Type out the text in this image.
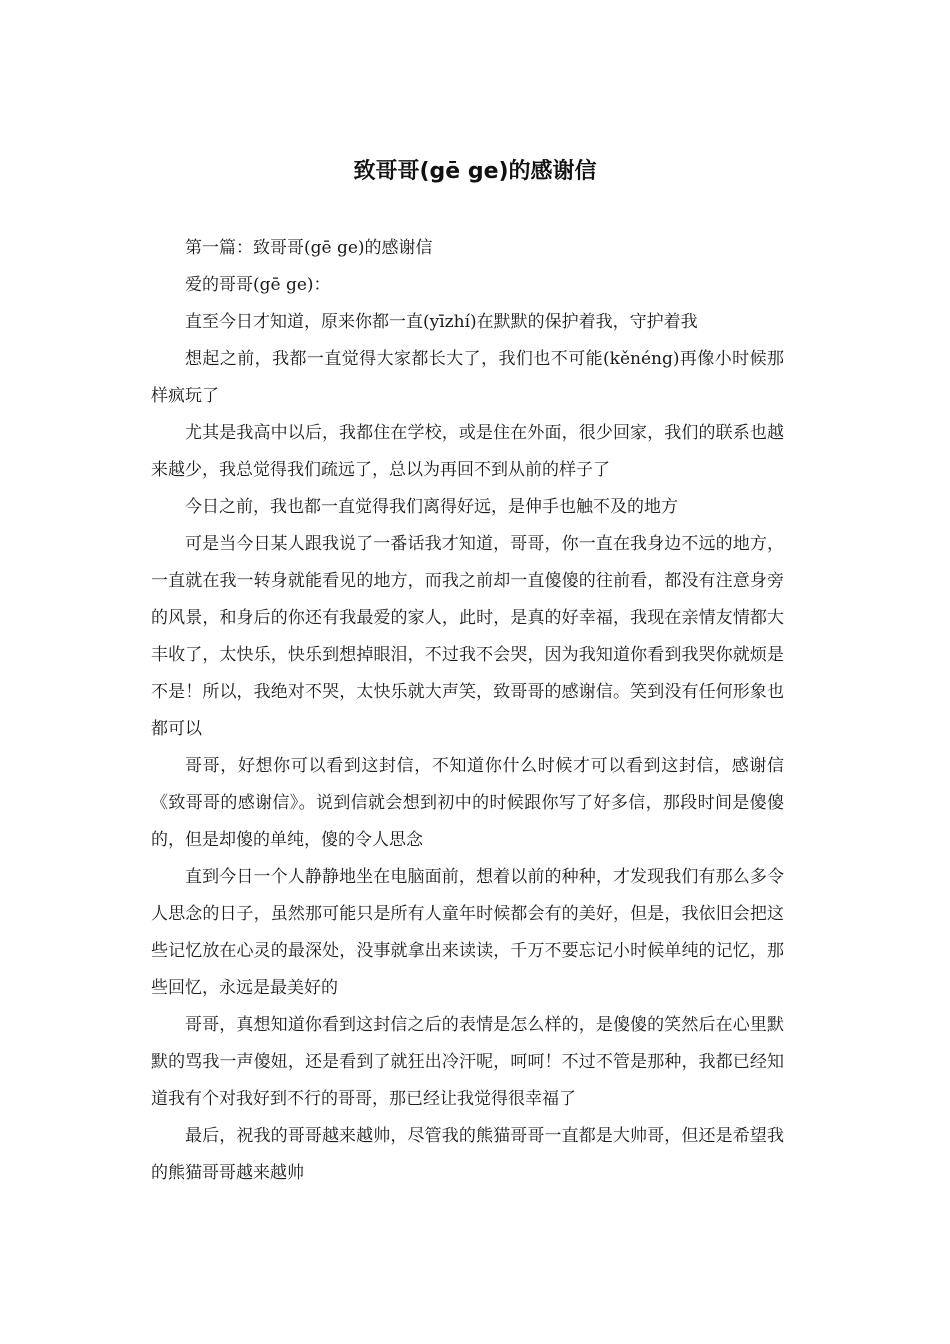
致哥哥(gē ge)的感谢信

第一篇：致哥哥(gē ge)的感谢信

爱的哥哥(gē ge)：

直至今日才知道，原来你都一直(yīzhí)在默默的保护着我，守护着我

想起之前，我都一直觉得大家都长大了，我们也不可能(kěnéng)再像小时候那样疯玩了

尤其是我高中以后，我都住在学校，或是住在外面，很少回家，我们的联系也越来越少，我总觉得我们疏远了，总以为再回不到从前的样子了

今日之前，我也都一直觉得我们离得好远，是伸手也触不及的地方

可是当今日某人跟我说了一番话我才知道，哥哥，你一直在我身边不远的地方，一直就在我一转身就能看见的地方，而我之前却一直傻傻的往前看，都没有注意身旁的风景，和身后的你还有我最爱的家人，此时，是真的好幸福，我现在亲情友情都大丰收了，太快乐，快乐到想掉眼泪，不过我不会哭，因为我知道你看到我哭你就烦是不是！所以，我绝对不哭，太快乐就大声笑，致哥哥的感谢信。笑到没有任何形象也都可以

哥哥，好想你可以看到这封信，不知道你什么时候才可以看到这封信，感谢信《致哥哥的感谢信》。说到信就会想到初中的时候跟你写了好多信，那段时间是傻傻的，但是却傻的单纯，傻的令人思念

直到今日一个人静静地坐在电脑面前，想着以前的种种，才发现我们有那么多令人思念的日子，虽然那可能只是所有人童年时候都会有的美好，但是，我依旧会把这些记忆放在心灵的最深处，没事就拿出来读读，千万不要忘记小时候单纯的记忆，那些回忆，永远是最美好的

哥哥，真想知道你看到这封信之后的表情是怎么样的，是傻傻的笑然后在心里默默的骂我一声傻妞，还是看到了就狂出冷汗呢，呵呵！不过不管是那种，我都已经知道我有个对我好到不行的哥哥，那已经让我觉得很幸福了

最后，祝我的哥哥越来越帅，尽管我的熊猫哥哥一直都是大帅哥，但还是希望我的熊猫哥哥越来越帅
